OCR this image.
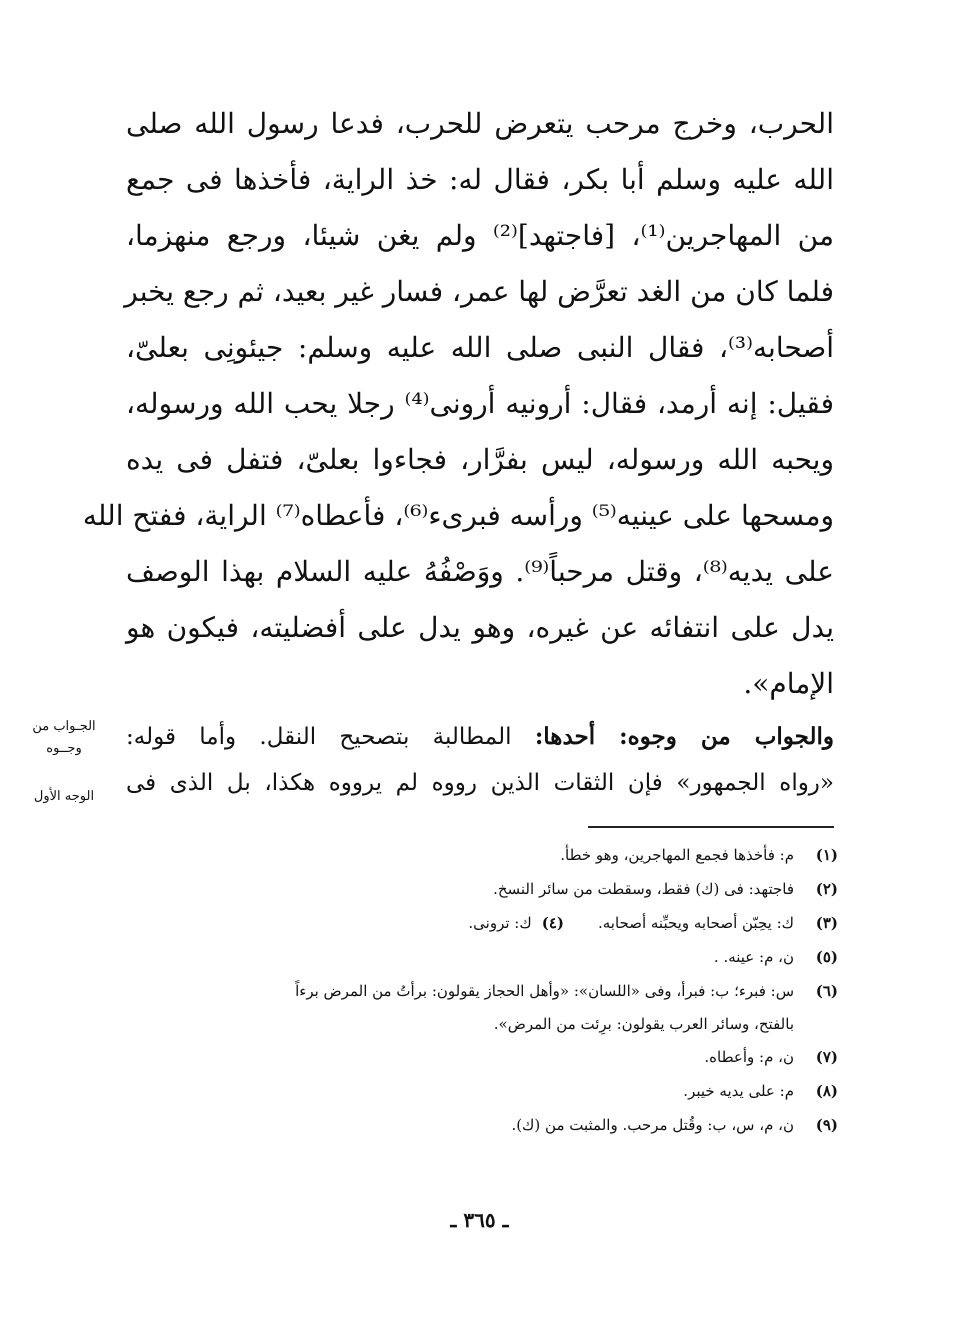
الحرب، وخرج مرحب يتعرض للحرب، فدعا رسول الله صلى
الله عليه وسلم أبا بكر، فقال له: خذ الراية، فأخذها فى جمع
من المهاجرين⁽¹⁾، [فاجتهد]⁽²⁾ ولم يغن شيئا، ورجع منهزما،
فلما كان من الغد تعرَّض لها عمر، فسار غير بعيد، ثم رجع يخبر
أصحابه⁽³⁾، فقال النبى صلى الله عليه وسلم: جيئونِى بعلىّ،
فقيل: إنه أرمد، فقال: أرونيه أرونى⁽⁴⁾ رجلا يحب الله ورسوله،
ويحبه الله ورسوله، ليس بفرَّار، فجاءوا بعلىّ، فتفل فى يده
ومسحها على عينيه⁽⁵⁾ ورأسه فبرىء⁽⁶⁾، فأعطاه⁽⁷⁾ الراية، ففتح الله
على يديه⁽⁸⁾، وقتل مرحباً⁽⁹⁾. ووَصْفُهُ عليه السلام بهذا الوصف
يدل على انتفائه عن غيره، وهو يدل على أفضليته، فيكون هو
الإمام».
والجواب من وجوه: أحدها: المطالبة بتصحيح النقل. وأما قوله:
«رواه الجمهور» فإن الثقات الذين رووه لم يرووه هكذا، بل الذى فى
الجـواب من
وجــوه
الوجه الأول
(١)
م: فأخذها فجمع المهاجرين، وهو خطأ.
(٢)
فاجتهد: فى (ك) فقط، وسقطت من سائر النسخ.
(٣)
ك: يحِبّن أصحابه ويحبِّنه أصحابه.(٤)ك: ترونى.
(٥)
ن، م: عينه. .
(٦)
س: فبرء؛ ب: فبرأ، وفى «اللسان»: «وأهل الحجاز يقولون: برأتُ من المرض برءاً
بالفتح، وسائر العرب يقولون: برِئت من المرض».
(٧)
ن، م: وأعطاه.
(٨)
م: على يديه خيبر.
(٩)
ن، م، س، ب: وقُتل مرحب. والمثبت من (ك).
ـ ٣٦٥ ـ
